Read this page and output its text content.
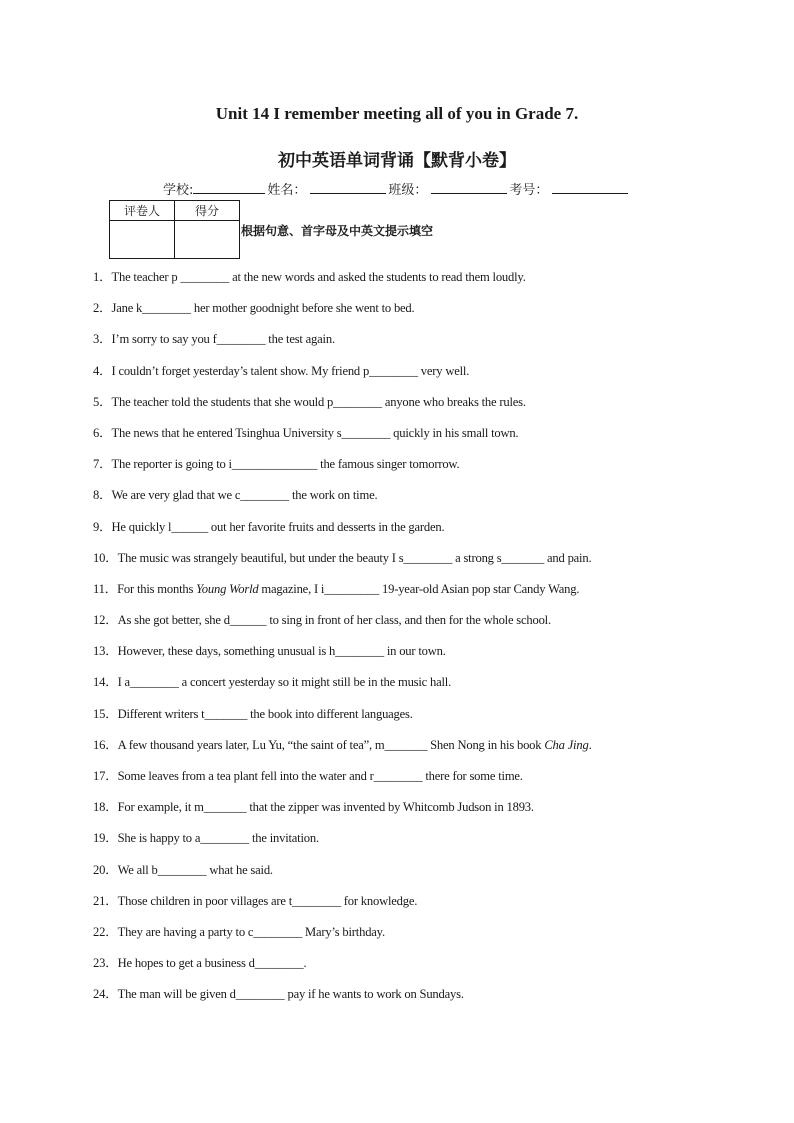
Unit 14 I remember meeting all of you in Grade 7.
初中英语单词背诵【默背小卷】
学校:	姓名：	班级：	考号：
评卷人	得分

根据句意、首字母及中英文提示填空
1．The teacher p ________ at the new words and asked the students to read them loudly.
2．Jane k________ her mother goodnight before she went to bed.
3．I’m sorry to say you f________ the test again.
4．I couldn’t forget yesterday’s talent show. My friend p________ very well.
5．The teacher told the students that she would p________ anyone who breaks the rules.
6．The news that he entered Tsinghua University s________ quickly in his small town.
7．The reporter is going to i______________ the famous singer tomorrow.
8．We are very glad that we c________ the work on time.
9．He quickly l______ out her favorite fruits and desserts in the garden.
10．The music was strangely beautiful, but under the beauty I s________ a strong s_______ and pain.
11．For this months Young World magazine, I i_________ 19-year-old Asian pop star Candy Wang.
12．As she got better, she d______ to sing in front of her class, and then for the whole school.
13．However, these days, something unusual is h________ in our town.
14．I a________ a concert yesterday so it might still be in the music hall.
15．Different writers t_______ the book into different languages.
16．A few thousand years later, Lu Yu, “the saint of tea”, m_______ Shen Nong in his book Cha Jing.
17．Some leaves from a tea plant fell into the water and r________ there for some time.
18．For example, it m_______ that the zipper was invented by Whitcomb Judson in 1893.
19．She is happy to a________ the invitation.
20．We all b________ what he said.
21．Those children in poor villages are t________ for knowledge.
22．They are having a party to c________ Mary’s birthday.
23．He hopes to get a business d________.
24．The man will be given d________ pay if he wants to work on Sundays.
